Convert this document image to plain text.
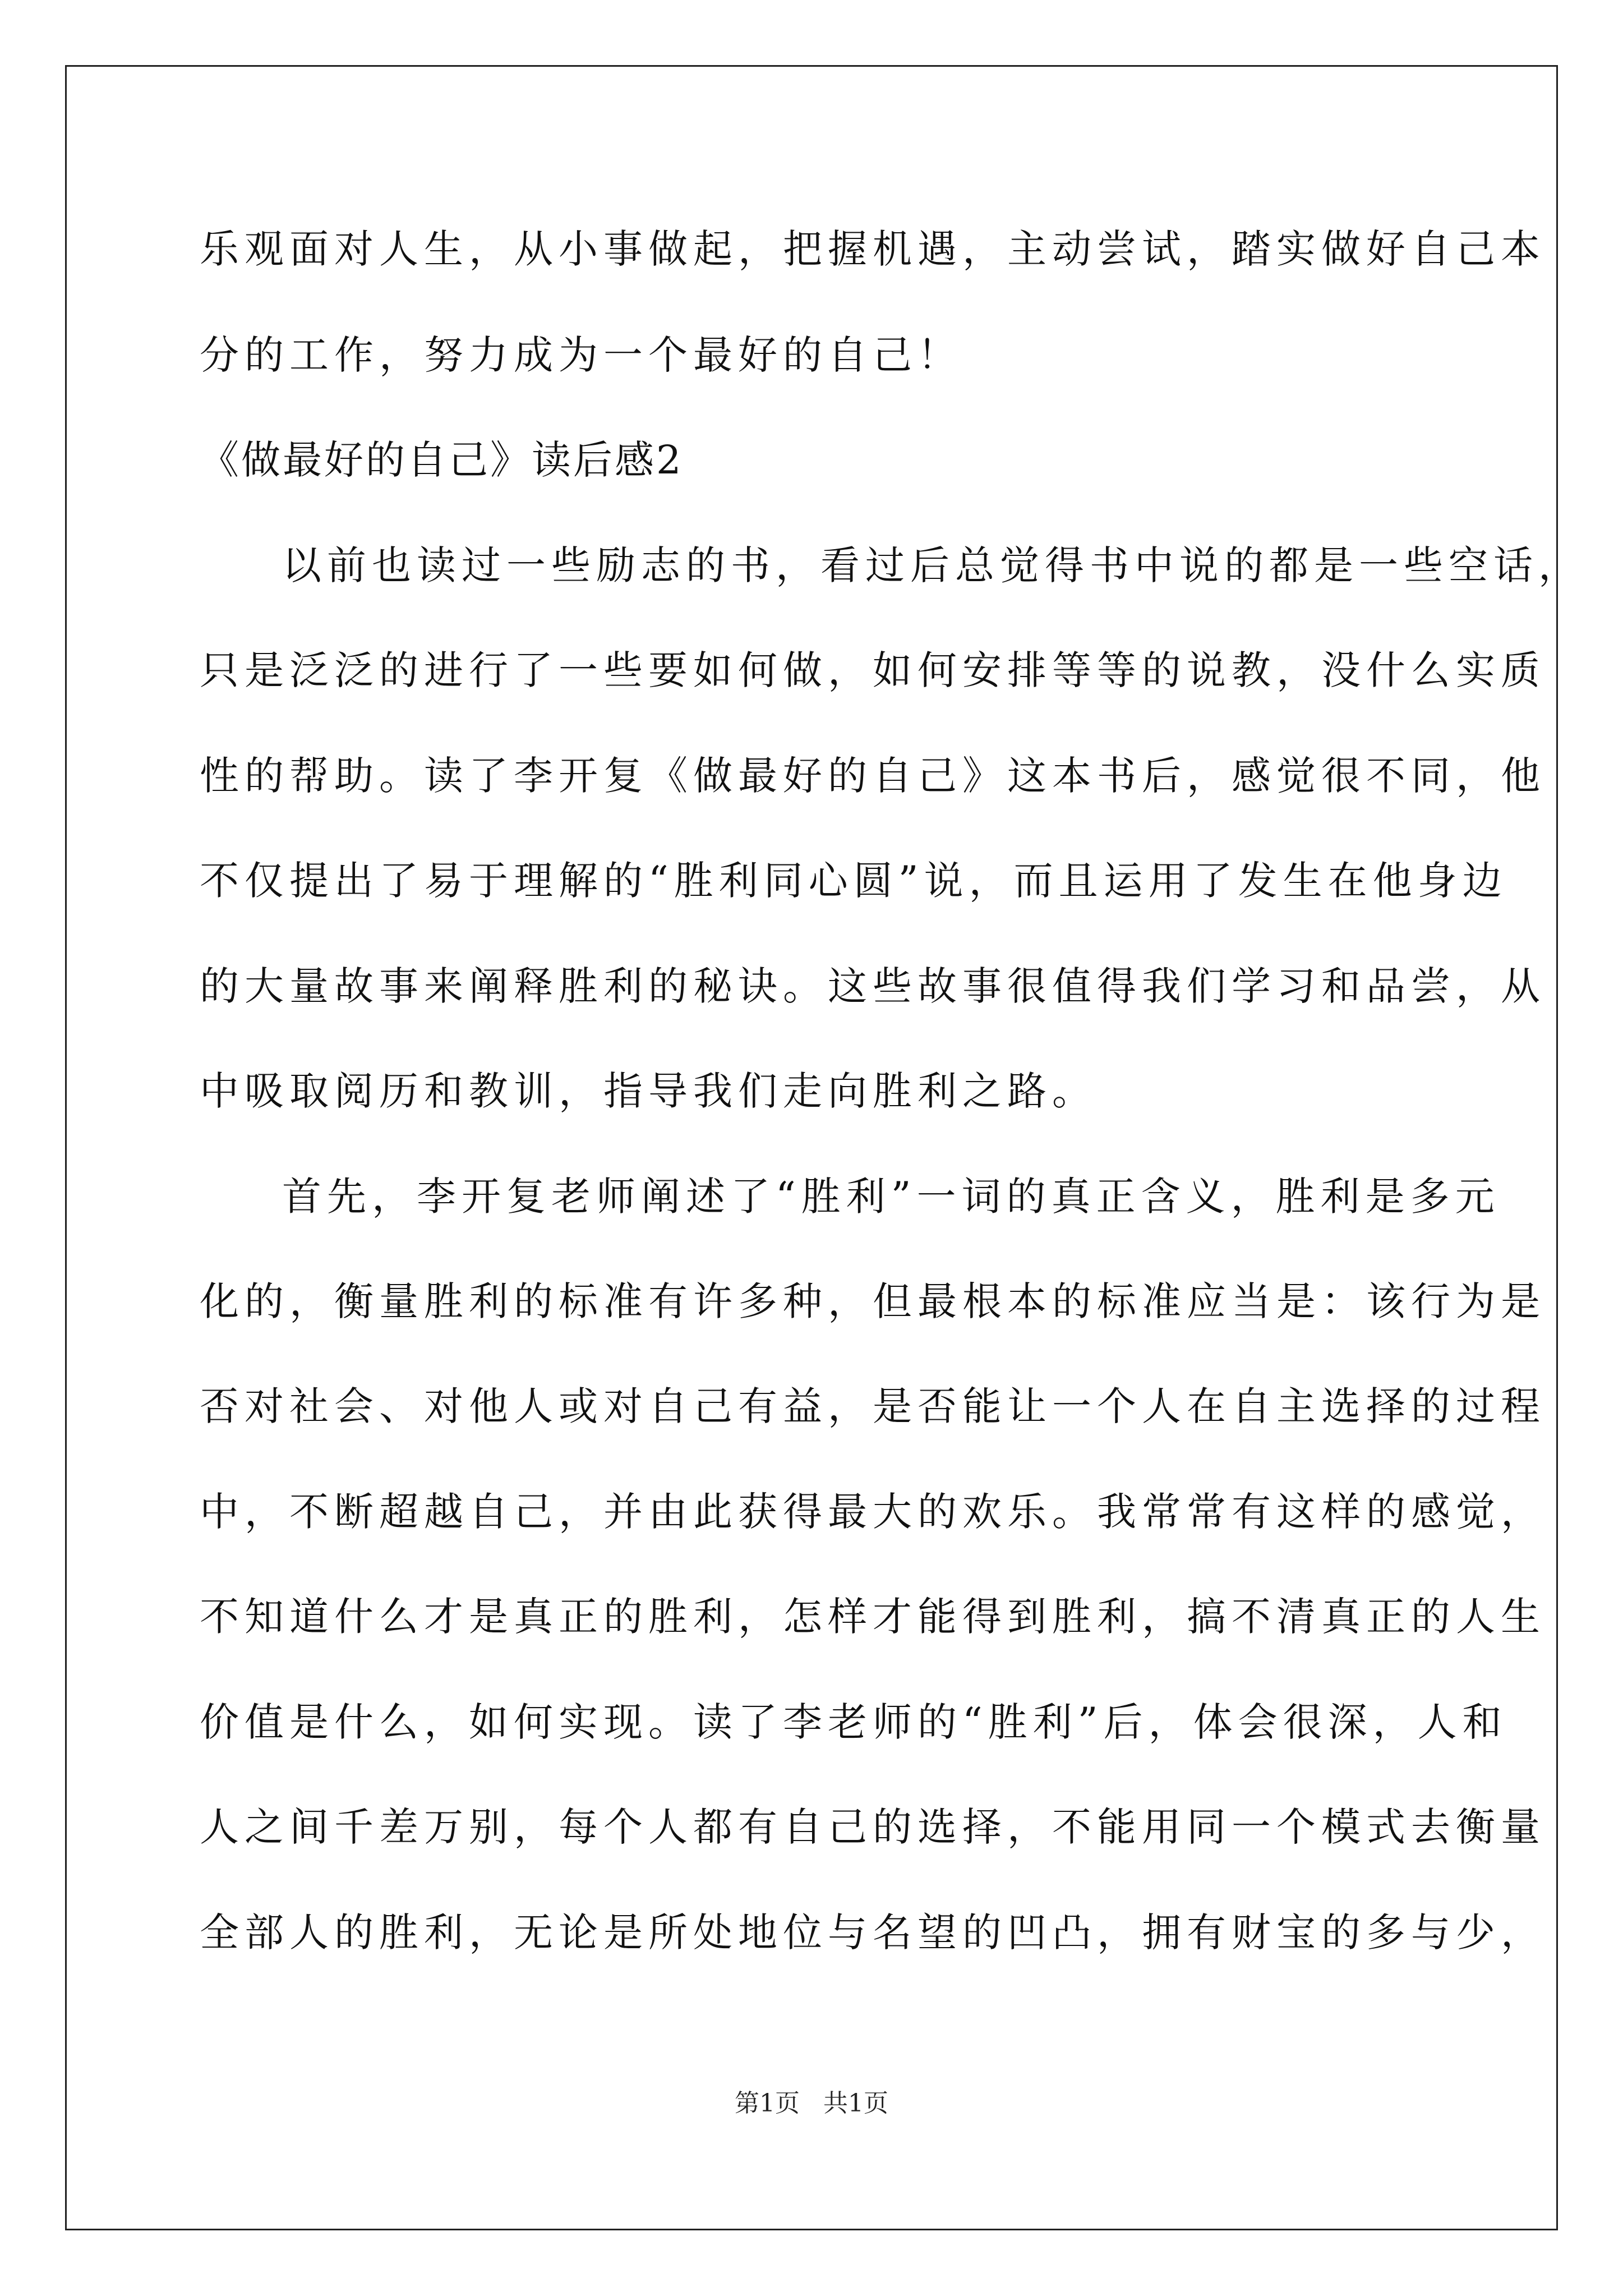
乐观面对人生，从小事做起，把握机遇，主动尝试，踏实做好自己本
分的工作，努力成为一个最好的自己！
《做最好的自己》读后感2
以前也读过一些励志的书，看过后总觉得书中说的都是一些空话，
只是泛泛的进行了一些要如何做，如何安排等等的说教，没什么实质
性的帮助。读了李开复《做最好的自己》这本书后，感觉很不同，他
不仅提出了易于理解的“胜利同心圆”说，而且运用了发生在他身边
的大量故事来阐释胜利的秘诀。这些故事很值得我们学习和品尝，从
中吸取阅历和教训，指导我们走向胜利之路。
首先，李开复老师阐述了“胜利”一词的真正含义，胜利是多元
化的，衡量胜利的标准有许多种，但最根本的标准应当是：该行为是
否对社会、对他人或对自己有益，是否能让一个人在自主选择的过程
中，不断超越自己，并由此获得最大的欢乐。我常常有这样的感觉，
不知道什么才是真正的胜利，怎样才能得到胜利，搞不清真正的人生
价值是什么，如何实现。读了李老师的“胜利”后，体会很深，人和
人之间千差万别，每个人都有自己的选择，不能用同一个模式去衡量
全部人的胜利，无论是所处地位与名望的凹凸，拥有财宝的多与少，
第1页   共1页
